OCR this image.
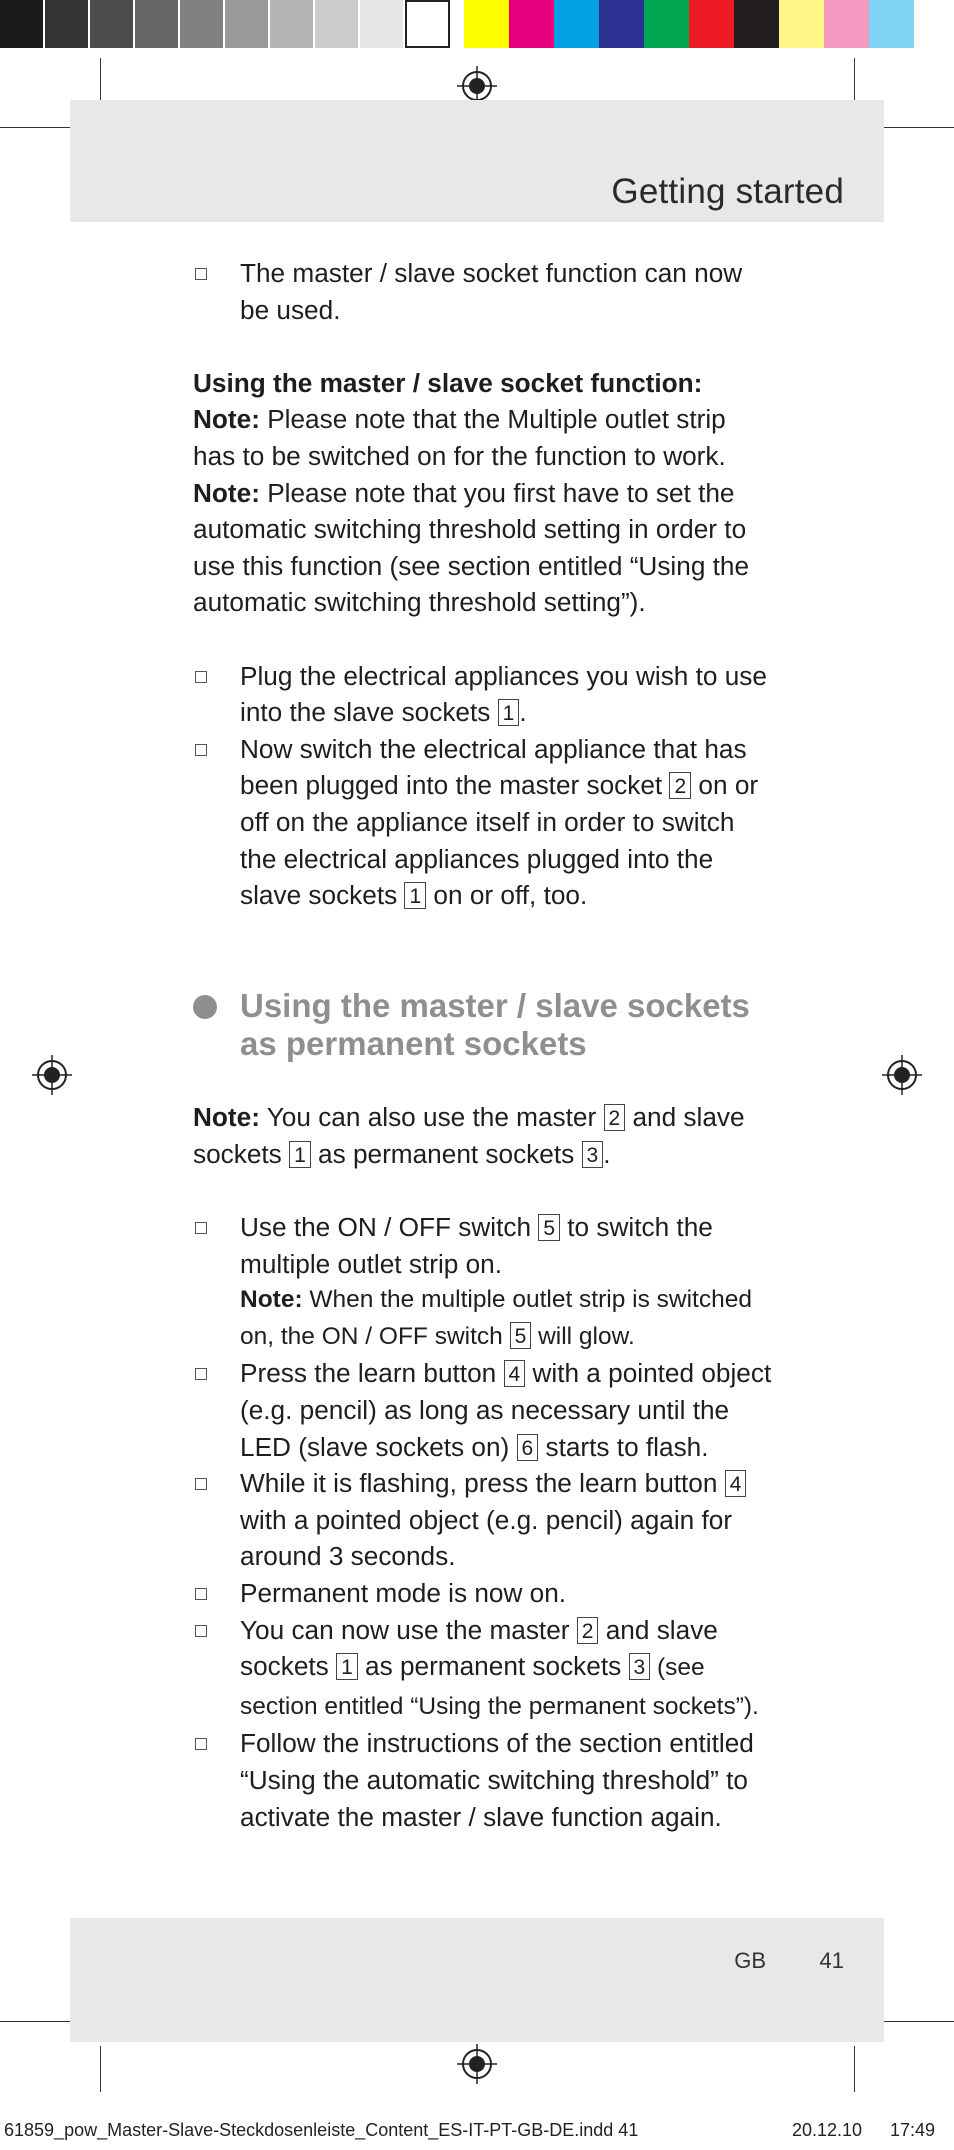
Getting started
The master / slave socket function can now be used.
Using the master / slave socket function:
Note: Please note that the Multiple outlet strip has to be switched on for the function to work.
Note: Please note that you first have to set the automatic switching threshold setting in order to use this function (see section entitled “Using the automatic switching threshold setting”).
Plug the electrical appliances you wish to use into the slave sockets 1 .
Now switch the electrical appliance that has been plugged into the master socket 2 on or off on the appliance itself in order to switch the electrical appliances plugged into the slave sockets 1 on or off, too.
Using the master / slave sockets as permanent sockets
Note: You can also use the master 2 and slave sockets 1 as permanent sockets 3 .
Use the ON / OFF switch 5 to switch the multiple outlet strip on.
Note: When the multiple outlet strip is switched on, the ON / OFF switch 5 will glow.
Press the learn button 4 with a pointed object (e.g. pencil) as long as necessary until the LED (slave sockets on) 6 starts to flash.
While it is flashing, press the learn button 4 with a pointed object (e.g. pencil) again for around 3 seconds.
Permanent mode is now on.
You can now use the master 2 and slave sockets 1 as permanent sockets 3 (see section entitled “Using the permanent sockets”).
Follow the instructions of the section entitled “Using the automatic switching threshold” to activate the master / slave function again.
GB 41
61859_pow_Master-Slave-Steckdosenleiste_Content_ES-IT-PT-GB-DE.indd 41	20.12.10 17:49
